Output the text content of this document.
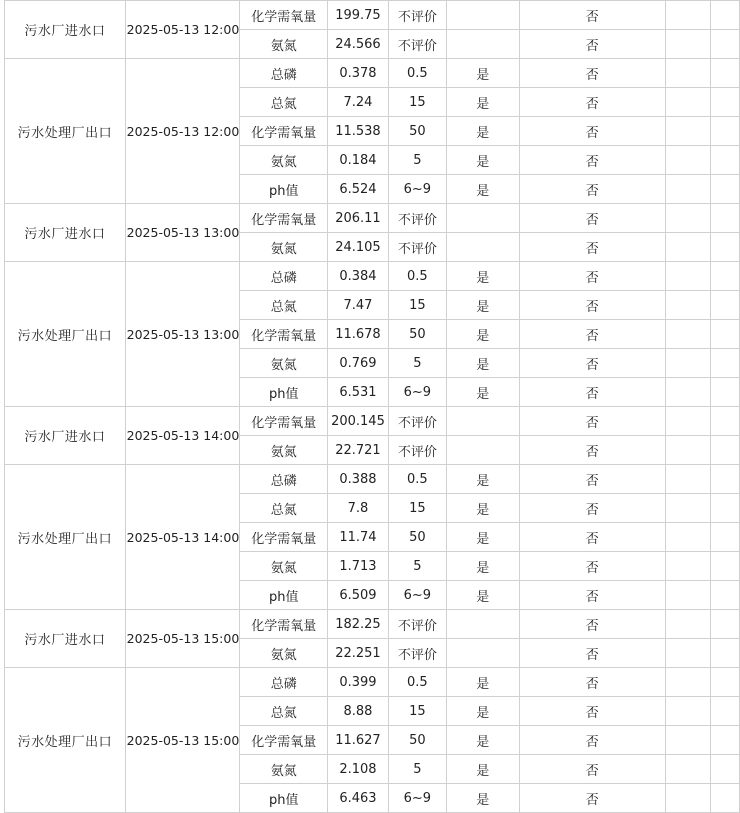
污水厂进水口	2025-05-13 12:00	化学需氧量	199.75	不评价		否		
		氨氮	24.566	不评价		否		
污水处理厂出口	2025-05-13 12:00	总磷	0.378	0.5	是	否		
		总氮	7.24	15	是	否		
		化学需氧量	11.538	50	是	否		
		氨氮	0.184	5	是	否		
		ph值	6.524	6~9	是	否		
污水厂进水口	2025-05-13 13:00	化学需氧量	206.11	不评价		否		
		氨氮	24.105	不评价		否		
污水处理厂出口	2025-05-13 13:00	总磷	0.384	0.5	是	否		
		总氮	7.47	15	是	否		
		化学需氧量	11.678	50	是	否		
		氨氮	0.769	5	是	否		
		ph值	6.531	6~9	是	否		
污水厂进水口	2025-05-13 14:00	化学需氧量	200.145	不评价		否		
		氨氮	22.721	不评价		否		
污水处理厂出口	2025-05-13 14:00	总磷	0.388	0.5	是	否		
		总氮	7.8	15	是	否		
		化学需氧量	11.74	50	是	否		
		氨氮	1.713	5	是	否		
		ph值	6.509	6~9	是	否		
污水厂进水口	2025-05-13 15:00	化学需氧量	182.25	不评价		否		
		氨氮	22.251	不评价		否		
污水处理厂出口	2025-05-13 15:00	总磷	0.399	0.5	是	否		
		总氮	8.88	15	是	否		
		化学需氧量	11.627	50	是	否		
		氨氮	2.108	5	是	否		
		ph值	6.463	6~9	是	否		
